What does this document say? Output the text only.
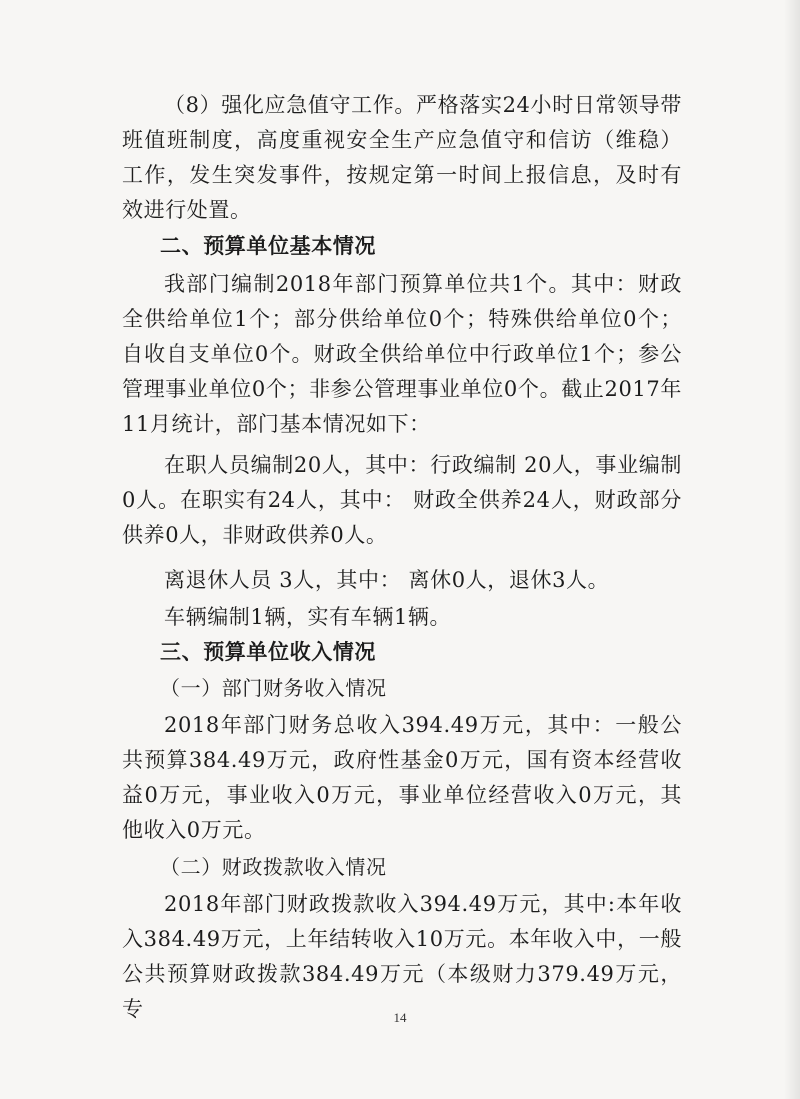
（8）强化应急值守工作。严格落实24小时日常领导带班值班制度，高度重视安全生产应急值守和信访（维稳）工作，发生突发事件，按规定第一时间上报信息，及时有效进行处置。

二、预算单位基本情况

我部门编制2018年部门预算单位共1个。其中：财政全供给单位1个；部分供给单位0个；特殊供给单位0个；自收自支单位0个。财政全供给单位中行政单位1个；参公管理事业单位0个；非参公管理事业单位0个。截止2017年11月统计，部门基本情况如下：

在职人员编制20人，其中：行政编制 20人，事业编制0人。在职实有24人，其中： 财政全供养24人，财政部分供养0人，非财政供养0人。

离退休人员 3人，其中： 离休0人，退休3人。

车辆编制1辆，实有车辆1辆。

三、预算单位收入情况

（一）部门财务收入情况

2018年部门财务总收入394.49万元，其中：一般公共预算384.49万元，政府性基金0万元，国有资本经营收益0万元，事业收入0万元，事业单位经营收入0万元，其他收入0万元。

（二）财政拨款收入情况

2018年部门财政拨款收入394.49万元，其中:本年收入384.49万元，上年结转收入10万元。本年收入中，一般公共预算财政拨款384.49万元（本级财力379.49万元，专	14
